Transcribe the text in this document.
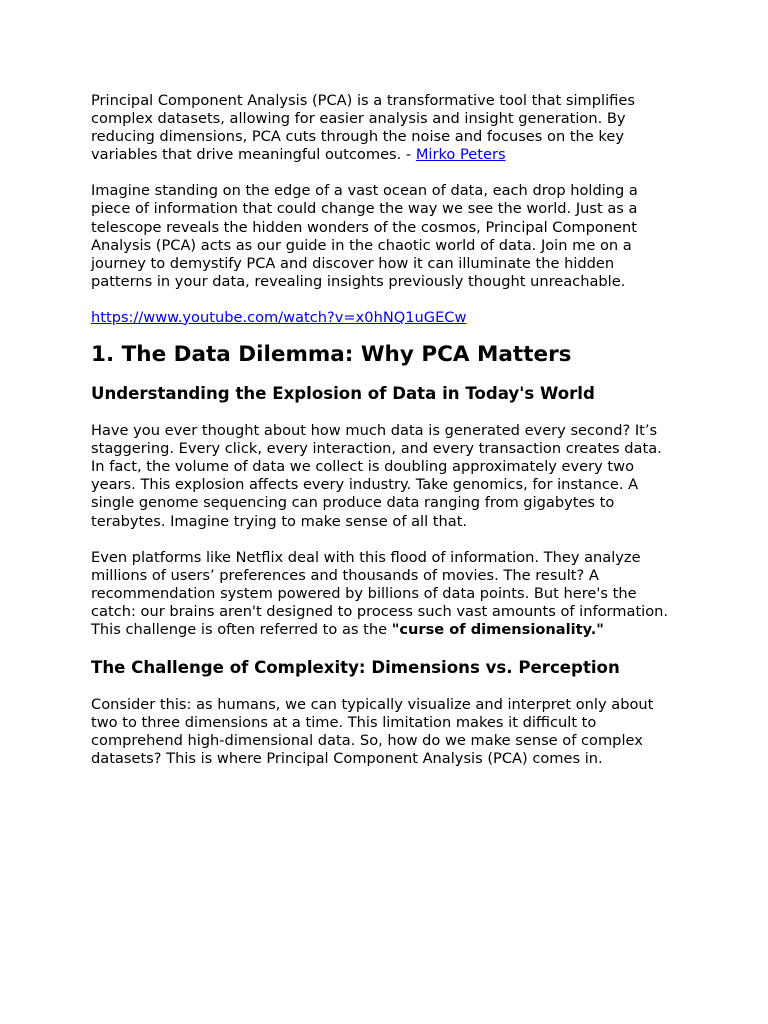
Principal Component Analysis (PCA) is a transformative tool that simplifies complex datasets, allowing for easier analysis and insight generation. By reducing dimensions, PCA cuts through the noise and focuses on the key variables that drive meaningful outcomes. - Mirko Peters

Imagine standing on the edge of a vast ocean of data, each drop holding a piece of information that could change the way we see the world. Just as a telescope reveals the hidden wonders of the cosmos, Principal Component Analysis (PCA) acts as our guide in the chaotic world of data. Join me on a journey to demystify PCA and discover how it can illuminate the hidden patterns in your data, revealing insights previously thought unreachable.

https://www.youtube.com/watch?v=x0hNQ1uGECw

1. The Data Dilemma: Why PCA Matters
Understanding the Explosion of Data in Today's World

Have you ever thought about how much data is generated every second? It’s staggering. Every click, every interaction, and every transaction creates data. In fact, the volume of data we collect is doubling approximately every two years. This explosion affects every industry. Take genomics, for instance. A single genome sequencing can produce data ranging from gigabytes to terabytes. Imagine trying to make sense of all that.

Even platforms like Netflix deal with this flood of information. They analyze millions of users’ preferences and thousands of movies. The result? A recommendation system powered by billions of data points. But here's the catch: our brains aren't designed to process such vast amounts of information. This challenge is often referred to as the "curse of dimensionality."

The Challenge of Complexity: Dimensions vs. Perception

Consider this: as humans, we can typically visualize and interpret only about two to three dimensions at a time. This limitation makes it difficult to comprehend high-dimensional data. So, how do we make sense of complex datasets? This is where Principal Component Analysis (PCA) comes in.
